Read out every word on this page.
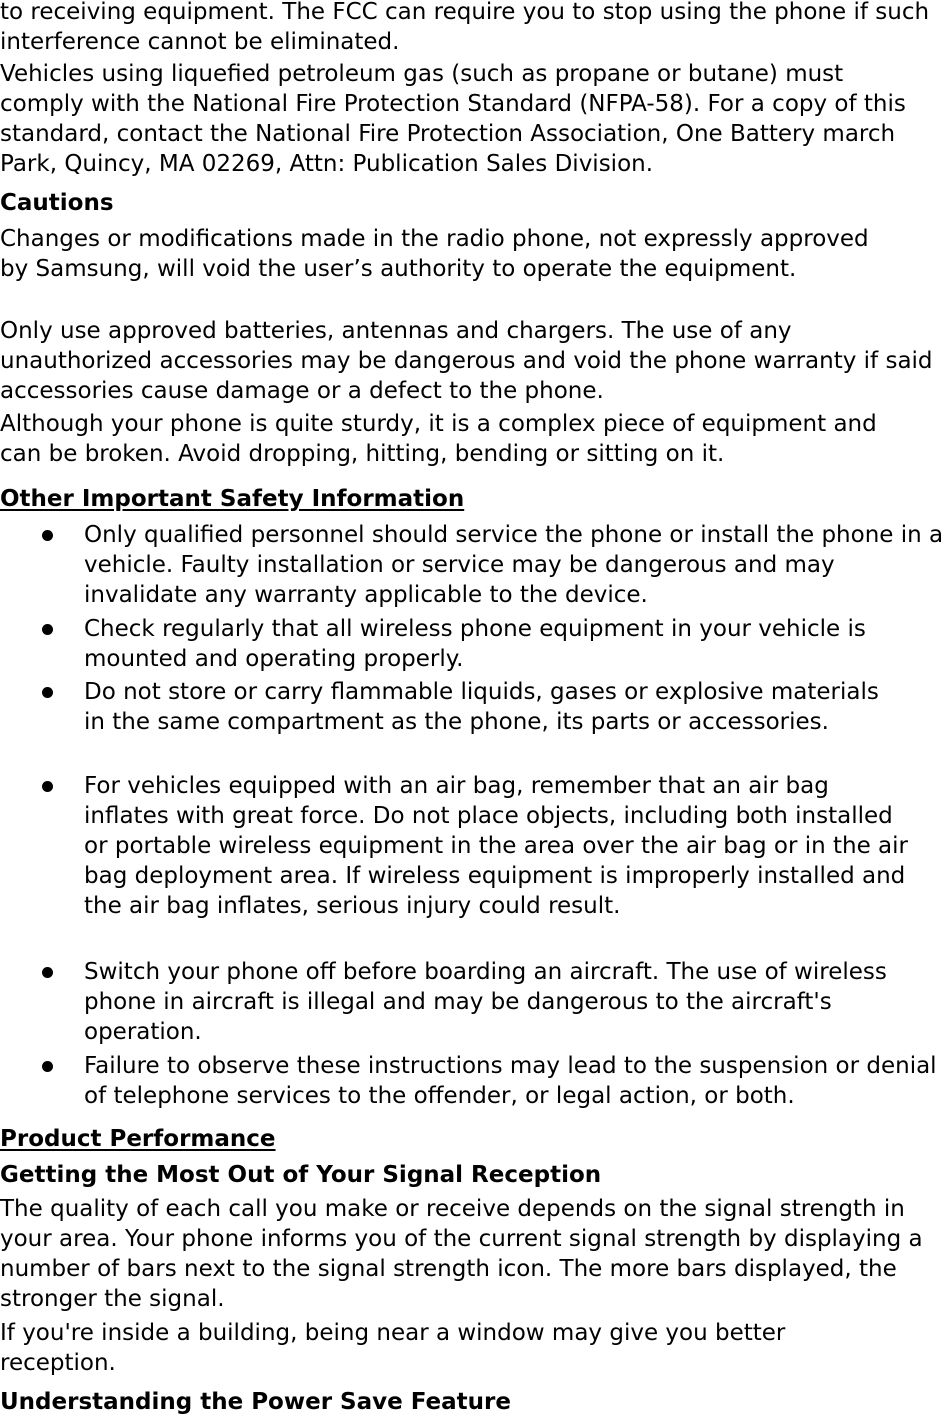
to receiving equipment. The FCC can require you to stop using the phone if such interference cannot be eliminated.

Vehicles using liquefied petroleum gas (such as propane or butane) must comply with the National Fire Protection Standard (NFPA-58). For a copy of this standard, contact the National Fire Protection Association, One Battery march Park, Quincy, MA 02269, Attn: Publication Sales Division.

Cautions

Changes or modifications made in the radio phone, not expressly approved by Samsung, will void the user’s authority to operate the equipment.

Only use approved batteries, antennas and chargers. The use of any unauthorized accessories may be dangerous and void the phone warranty if said accessories cause damage or a defect to the phone.

Although your phone is quite sturdy, it is a complex piece of equipment and can be broken. Avoid dropping, hitting, bending or sitting on it.

Other Important Safety Information

Only qualified personnel should service the phone or install the phone in a vehicle. Faulty installation or service may be dangerous and may invalidate any warranty applicable to the device.
Check regularly that all wireless phone equipment in your vehicle is mounted and operating properly.
Do not store or carry flammable liquids, gases or explosive materials in the same compartment as the phone, its parts or accessories.
For vehicles equipped with an air bag, remember that an air bag inflates with great force. Do not place objects, including both installed or portable wireless equipment in the area over the air bag or in the air bag deployment area. If wireless equipment is improperly installed and the air bag inflates, serious injury could result.
Switch your phone off before boarding an aircraft. The use of wireless phone in aircraft is illegal and may be dangerous to the aircraft's operation.
Failure to observe these instructions may lead to the suspension or denial of telephone services to the offender, or legal action, or both.

Product Performance

Getting the Most Out of Your Signal Reception

The quality of each call you make or receive depends on the signal strength in your area. Your phone informs you of the current signal strength by displaying a number of bars next to the signal strength icon. The more bars displayed, the stronger the signal.

If you're inside a building, being near a window may give you better reception.

Understanding the Power Save Feature
